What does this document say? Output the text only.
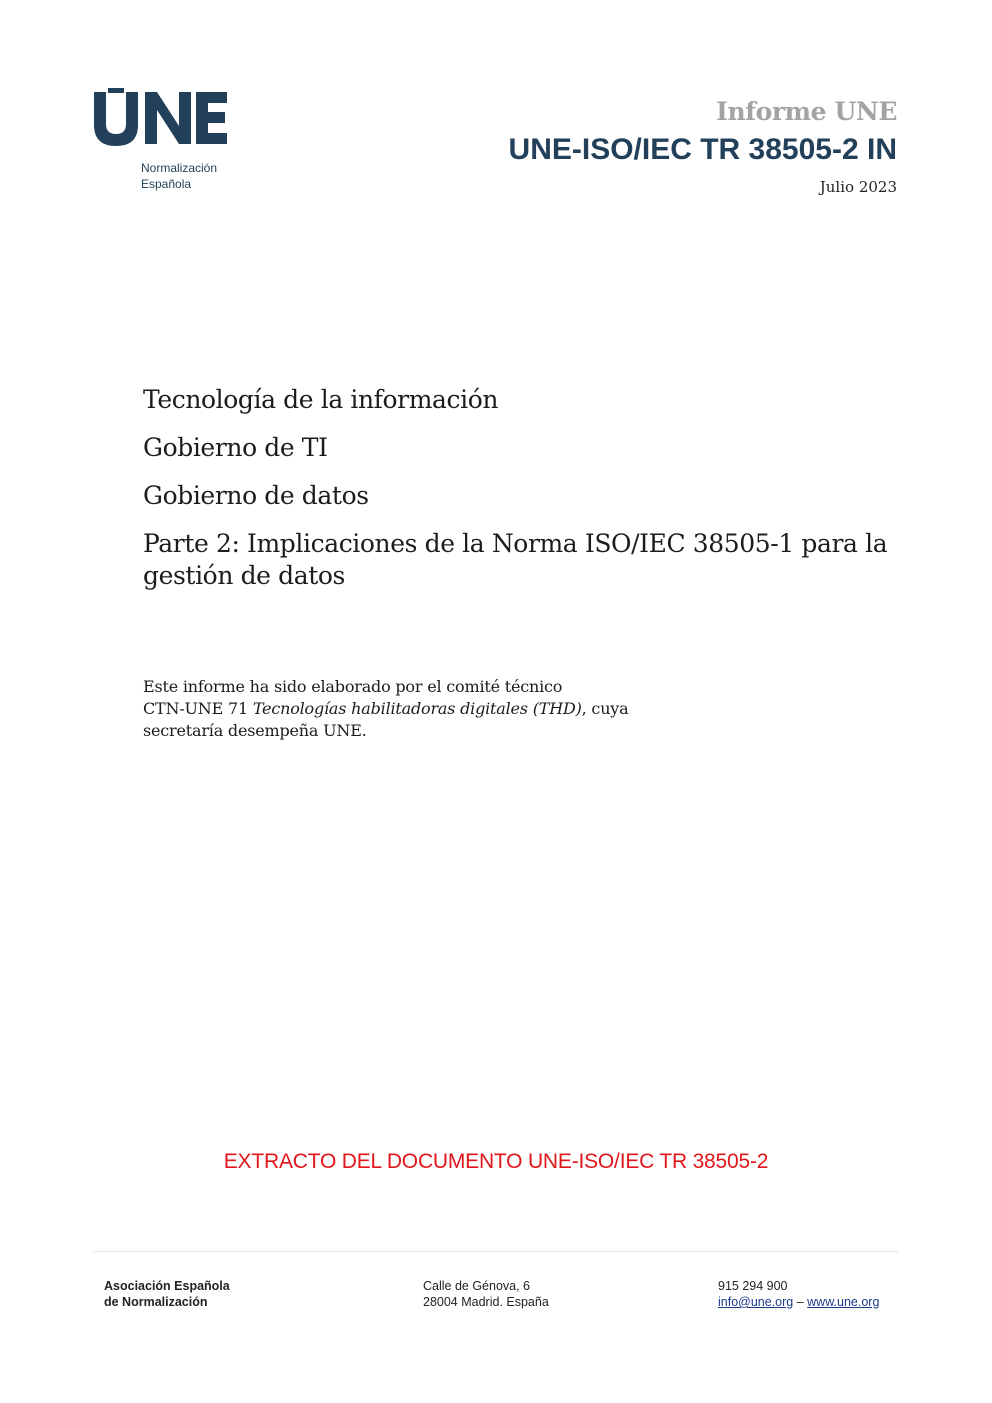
Normalización
Española
Informe UNE
UNE-ISO/IEC TR 38505-2 IN
Julio 2023
Tecnología de la información
Gobierno de TI
Gobierno de datos
Parte 2: Implicaciones de la Norma ISO/IEC 38505-1 para la gestión de datos
Este informe ha sido elaborado por el comité técnico
CTN-UNE 71 Tecnologías habilitadoras digitales (THD), cuya
secretaría desempeña UNE.
EXTRACTO DEL DOCUMENTO UNE-ISO/IEC TR 38505-2
Asociación Española
de Normalización
Calle de Génova, 6
28004 Madrid. España
915 294 900
info@une.org – www.une.org
